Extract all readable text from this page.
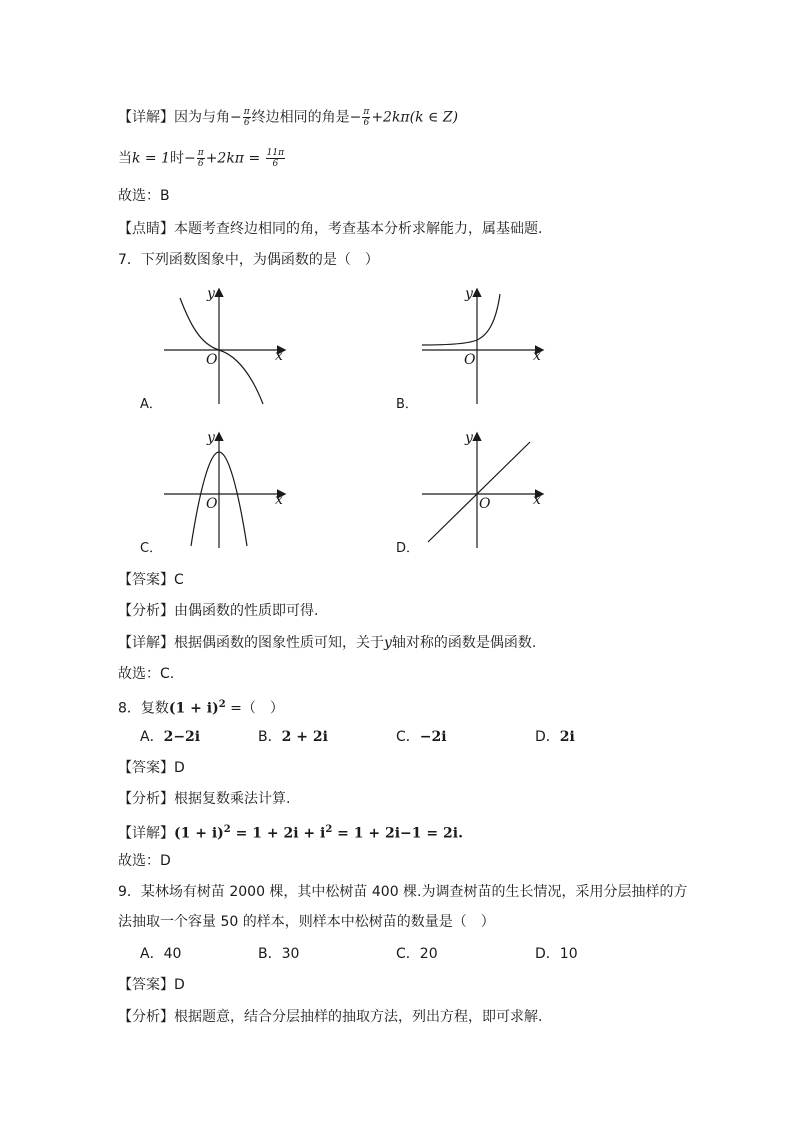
【详解】因为与角− $\frac{\pi}{6}$ 终边相同的角是− $\frac{\pi}{6} +2k\pi(k$ ∈ Z)
当k = 1时− $\frac{\pi}{6} +2k\pi = \frac{11\pi}{6}$
故选：B
【点睛】本题考查终边相同的角，考查基本分析求解能力，属基础题.
7．下列函数图象中，为偶函数的是（　）
x
y
O
A．
x
y
O
B．
x
y
O
C．
x
y
O
D．
【答案】C
【分析】由偶函数的性质即可得.
【详解】根据偶函数的图象性质可知，关于y轴对称的函数是偶函数.
故选：C.
8．复数$(1 + i)^2$ =（　）
A．2−2i	B．2 + 2i	C．−2i	D．2i
【答案】D
【分析】根据复数乘法计算.
【详解】$(1 + i)^2 = 1 + 2i + i^2 = 1 + 2i-1 = 2i$.
故选：D
9．某林场有树苗 2000 棵，其中松树苗 400 棵.为调查树苗的生长情况，采用分层抽样的方
法抽取一个容量 50 的样本，则样本中松树苗的数量是（　）
A．40	B．30	C．20	D．10
【答案】D
【分析】根据题意，结合分层抽样的抽取方法，列出方程，即可求解.
